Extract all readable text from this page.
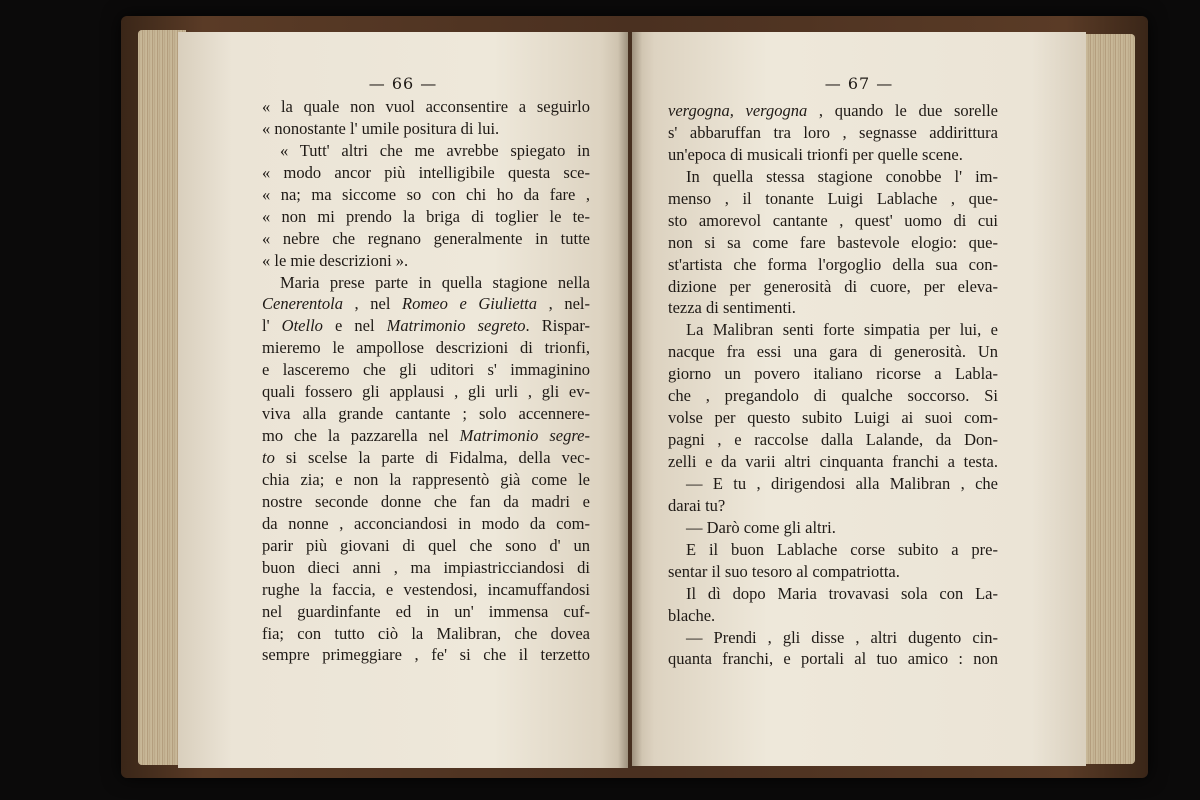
— 66 —
« la quale non vuol acconsentire a seguirlo
« nonostante l' umile positura di lui.
« Tutt' altri che me avrebbe spiegato in
« modo ancor più intelligibile questa sce-
« na; ma siccome so con chi ho da fare ,
« non mi prendo la briga di toglier le te-
« nebre che regnano generalmente in tutte
« le mie descrizioni ».
Maria prese parte in quella stagione nella
Cenerentola , nel Romeo e Giulietta , nel-
l' Otello e nel Matrimonio segreto. Rispar-
mieremo le ampollose descrizioni di trionfi,
e lasceremo che gli uditori s' immaginino
quali fossero gli applausi , gli urli , gli ev-
viva alla grande cantante ; solo accennere-
mo che la pazzarella nel Matrimonio segre-
to si scelse la parte di Fidalma, della vec-
chia zia; e non la rappresentò già come le
nostre seconde donne che fan da madri e
da nonne , acconciandosi in modo da com-
parir più giovani di quel che sono d' un
buon dieci anni , ma impiastricciandosi di
rughe la faccia, e vestendosi, incamuffandosi
nel guardinfante ed in un' immensa cuf-
fia; con tutto ciò la Malibran, che dovea
sempre primeggiare , fe' si che il terzetto
— 67 —
vergogna, vergogna , quando le due sorelle
s' abbaruffan tra loro , segnasse addirittura
un'epoca di musicali trionfi per quelle scene.
In quella stessa stagione conobbe l' im-
menso , il tonante Luigi Lablache , que-
sto amorevol cantante , quest' uomo di cui
non si sa come fare bastevole elogio: que-
st'artista che forma l'orgoglio della sua con-
dizione per generosità di cuore, per eleva-
tezza di sentimenti.
La Malibran senti forte simpatia per lui, e
nacque fra essi una gara di generosità. Un
giorno un povero italiano ricorse a Labla-
che , pregandolo di qualche soccorso. Si
volse per questo subito Luigi ai suoi com-
pagni , e raccolse dalla Lalande, da Don-
zelli e da varii altri cinquanta franchi a testa.
— E tu , dirigendosi alla Malibran , che
darai tu?
— Darò come gli altri.
E il buon Lablache corse subito a pre-
sentar il suo tesoro al compatriotta.
Il dì dopo Maria trovavasi sola con La-
blache.
— Prendi , gli disse , altri dugento cin-
quanta franchi, e portali al tuo amico : non
